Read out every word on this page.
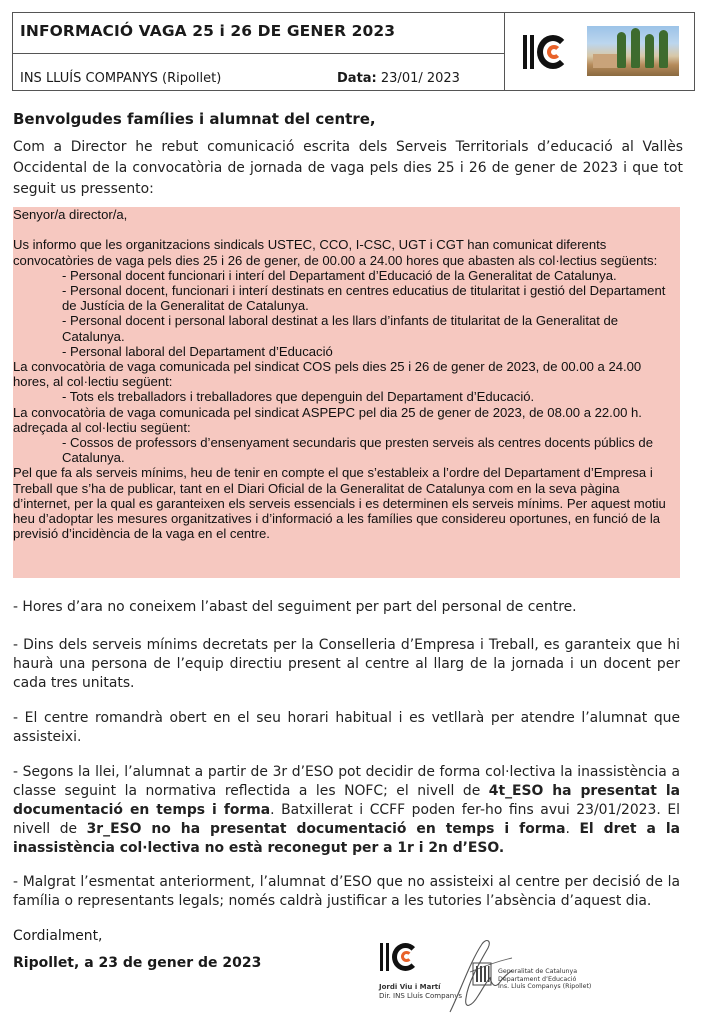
INFORMACIÓ VAGA 25 i 26 DE GENER 2023
INS LLUÍS COMPANYS (Ripollet)	Data: 23/01/ 2023
Benvolgudes famílies i alumnat del centre,
Com a Director he rebut comunicació escrita dels Serveis Territorials d’educació al Vallès Occidental de la convocatòria de jornada de vaga pels dies 25 i 26 de gener de 2023 i que tot seguit us pressento:

Senyor/a director/a,

Us informo que les organitzacions sindicals USTEC, CCO, I-CSC, UGT i CGT han comunicat diferents convocatòries de vaga pels dies 25 i 26 de gener, de 00.00 a 24.00 hores que abasten als col·lectius següents:

- Personal docent funcionari i interí del Departament d’Educació de la Generalitat de Catalunya.

- Personal docent, funcionari i interí destinats en centres educatius de titularitat i gestió del Departament de Justícia de la Generalitat de Catalunya.

- Personal docent i personal laboral destinat a les llars d’infants de titularitat de la Generalitat de Catalunya.

- Personal laboral del Departament d’Educació

La convocatòria de vaga comunicada pel sindicat COS pels dies 25 i 26 de gener de 2023, de 00.00 a 24.00 hores, al col·lectiu següent:

- Tots els treballadors i treballadores que depenguin del Departament d’Educació.

La convocatòria de vaga comunicada pel sindicat ASPEPC pel dia 25 de gener de 2023, de 08.00 a 22.00 h. adreçada al col·lectiu següent:

- Cossos de professors d’ensenyament secundaris que presten serveis als centres docents públics de Catalunya.

Pel que fa als serveis mínims, heu de tenir en compte el que s’estableix a l’ordre del Departament d’Empresa i Treball que s’ha de publicar, tant en el Diari Oficial de la Generalitat de Catalunya com en la seva pàgina d’internet, per la qual es garanteixen els serveis essencials i es determinen els serveis mínims. Per aquest motiu heu d’adoptar les mesures organitzatives i d’informació a les famílies que considereu oportunes, en funció de la previsió d’incidència de la vaga en el centre.

- Hores d’ara no coneixem l’abast del seguiment per part del personal de centre.
- Dins dels serveis mínims decretats per la Conselleria d’Empresa i Treball, es garanteix que hi haurà una persona de l’equip directiu present al centre al llarg de la jornada i un docent per cada tres unitats.
- El centre romandrà obert en el seu horari habitual i es vetllarà per atendre l’alumnat que assisteixi.
- Segons la llei, l’alumnat a partir de 3r d’ESO pot decidir de forma col·lectiva la inassistència a classe seguint la normativa reflectida a les NOFC; el nivell de 4t_ESO ha presentat la documentació en temps i forma. Batxillerat i CCFF poden fer-ho fins avui 23/01/2023. El nivell de 3r_ESO no ha presentat documentació en temps i forma. El dret a la inassistència col·lectiva no està reconegut per a 1r i 2n d’ESO.
- Malgrat l’esmentat anteriorment, l’alumnat d’ESO que no assisteixi al centre per decisió de la família o representants legals; només caldrà justificar a les tutories l’absència d’aquest dia.
Cordialment,
Ripollet, a 23 de gener de 2023
Jordi Viu i Martí
Dir. INS Lluís Companys
Generalitat de Catalunya
Departament d’Educació
Ins. Lluís Companys (Ripollet)
